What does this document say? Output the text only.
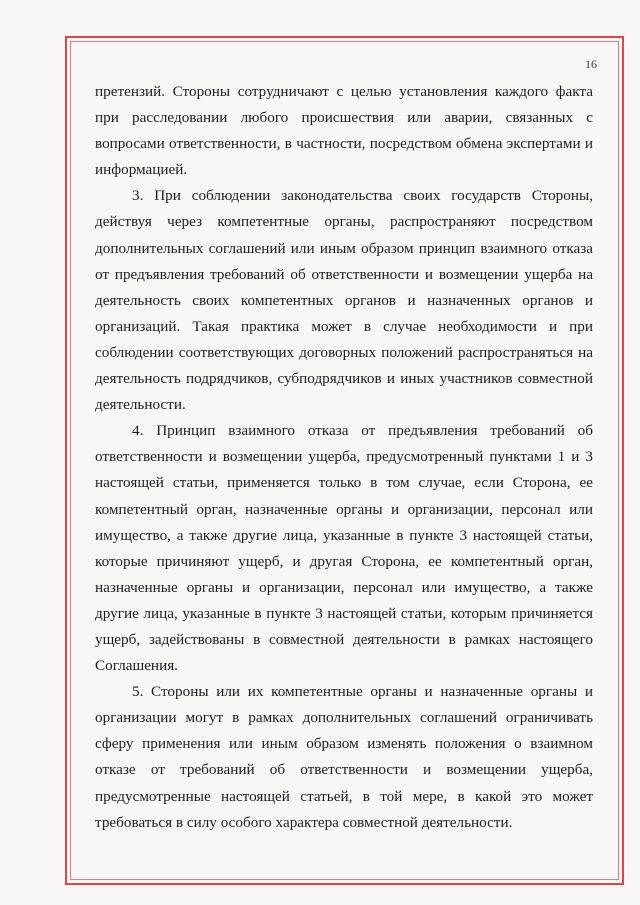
16

претензий. Стороны сотрудничают с целью установления каждого факта при расследовании любого происшествия или аварии, связанных с вопросами ответственности, в частности, посредством обмена экспертами и информацией.

3. При соблюдении законодательства своих государств Стороны, действуя через компетентные органы, распространяют посредством дополнительных соглашений или иным образом принцип взаимного отказа от предъявления требований об ответственности и возмещении ущерба на деятельность своих компетентных органов и назначенных органов и организаций. Такая практика может в случае необходимости и при соблюдении соответствующих договорных положений распространяться на деятельность подрядчиков, субподрядчиков и иных участников совместной деятельности.

4. Принцип взаимного отказа от предъявления требований об ответственности и возмещении ущерба, предусмотренный пунктами 1 и 3 настоящей статьи, применяется только в том случае, если Сторона, ее компетентный орган, назначенные органы и организации, персонал или имущество, а также другие лица, указанные в пункте 3 настоящей статьи, которые причиняют ущерб, и другая Сторона, ее компетентный орган, назначенные органы и организации, персонал или имущество, а также другие лица, указанные в пункте 3 настоящей статьи, которым причиняется ущерб, задействованы в совместной деятельности в рамках настоящего Соглашения.

5. Стороны или их компетентные органы и назначенные органы и организации могут в рамках дополнительных соглашений ограничивать сферу применения или иным образом изменять положения о взаимном отказе от требований об ответственности и возмещении ущерба, предусмотренные настоящей статьей, в той мере, в какой это может требоваться в силу особого характера совместной деятельности.
